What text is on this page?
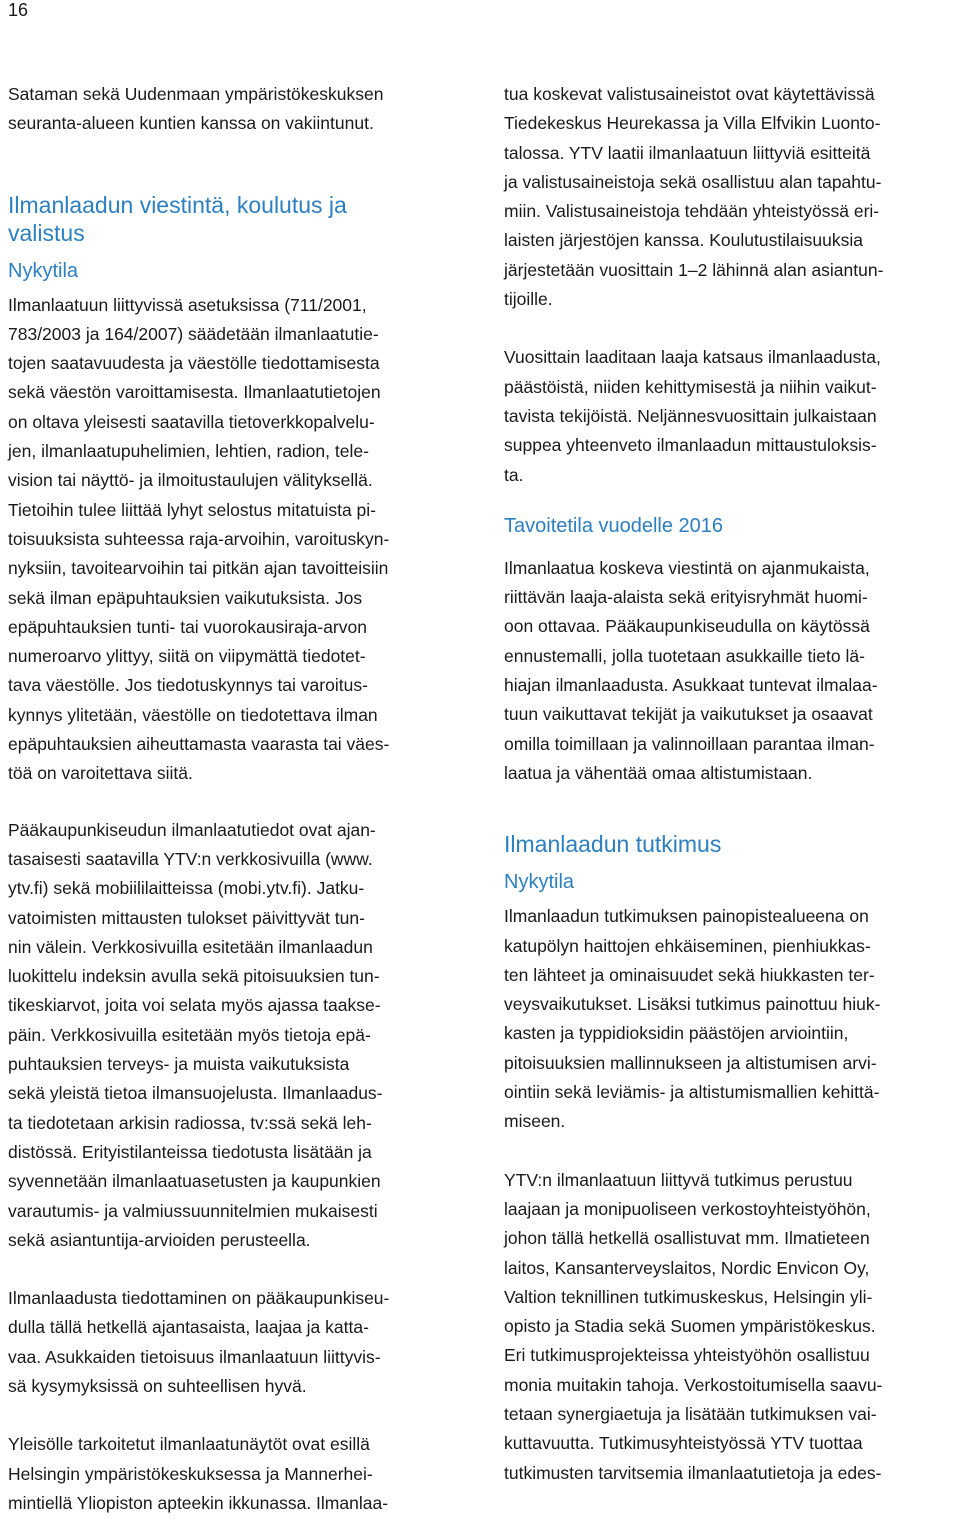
16

Sataman sekä Uudenmaan ympäristökeskuksen

seuranta-alueen kuntien kanssa on vakiintunut.

Ilmanlaadun viestintä, koulutus ja

valistus

Nykytila

Ilmanlaatuun liittyvissä asetuksissa (711/2001,

783/2003 ja 164/2007) säädetään ilmanlaatutie-

tojen saatavuudesta ja väestölle tiedottamisesta

sekä väestön varoittamisesta. Ilmanlaatutietojen

on oltava yleisesti saatavilla tietoverkkopalvelu-

jen, ilmanlaatupuhelimien, lehtien, radion, tele-

vision tai näyttö- ja ilmoitustaulujen välityksellä.

Tietoihin tulee liittää lyhyt selostus mitatuista pi-

toisuuksista suhteessa raja-arvoihin, varoituskyn-

nyksiin, tavoitearvoihin tai pitkän ajan tavoitteisiin

sekä ilman epäpuhtauksien vaikutuksista. Jos

epäpuhtauksien tunti- tai vuorokausiraja-arvon

numeroarvo ylittyy, siitä on viipymättä tiedotet-

tava väestölle. Jos tiedotuskynnys tai varoitus-

kynnys ylitetään, väestölle on tiedotettava ilman

epäpuhtauksien aiheuttamasta vaarasta tai väes-

töä on varoitettava siitä.

Pääkaupunkiseudun ilmanlaatutiedot ovat ajan-

tasaisesti saatavilla YTV:n verkkosivuilla (www.

ytv.fi) sekä mobiililaitteissa (mobi.ytv.fi). Jatku-

vatoimisten mittausten tulokset päivittyvät tun-

nin välein. Verkkosivuilla esitetään ilmanlaadun

luokittelu indeksin avulla sekä pitoisuuksien tun-

tikeskiarvot, joita voi selata myös ajassa taakse-

päin. Verkkosivuilla esitetään myös tietoja epä-

puhtauksien terveys- ja muista vaikutuksista

sekä yleistä tietoa ilmansuojelusta. Ilmanlaadus-

ta tiedotetaan arkisin radiossa, tv:ssä sekä leh-

distössä. Erityistilanteissa tiedotusta lisätään ja

syvennetään ilmanlaatuasetusten ja kaupunkien

varautumis- ja valmiussuunnitelmien mukaisesti

sekä asiantuntija-arvioiden perusteella.

Ilmanlaadusta tiedottaminen on pääkaupunkiseu-

dulla tällä hetkellä ajantasaista, laajaa ja katta-

vaa. Asukkaiden tietoisuus ilmanlaatuun liittyvis-

sä kysymyksissä on suhteellisen hyvä.

Yleisölle tarkoitetut ilmanlaatunäytöt ovat esillä

Helsingin ympäristökeskuksessa ja Mannerhei-

mintiellä Yliopiston apteekin ikkunassa. Ilmanlaa-

tua koskevat valistusaineistot ovat käytettävissä

Tiedekeskus Heurekassa ja Villa Elfvikin Luonto-

talossa. YTV laatii ilmanlaatuun liittyviä esitteitä

ja valistusaineistoja sekä osallistuu alan tapahtu-

miin. Valistusaineistoja tehdään yhteistyössä eri-

laisten järjestöjen kanssa. Koulutustilaisuuksia

järjestetään vuosittain 1–2 lähinnä alan asiantun-

tijoille.

Vuosittain laaditaan laaja katsaus ilmanlaadusta,

päästöistä, niiden kehittymisestä ja niihin vaikut-

tavista tekijöistä. Neljännesvuosittain julkaistaan

suppea yhteenveto ilmanlaadun mittaustuloksis-

ta.

Tavoitetila vuodelle 2016

Ilmanlaatua koskeva viestintä on ajanmukaista,

riittävän laaja-alaista sekä erityisryhmät huomi-

oon ottavaa. Pääkaupunkiseudulla on käytössä

ennustemalli, jolla tuotetaan asukkaille tieto lä-

hiajan ilmanlaadusta. Asukkaat tuntevat ilmalaa-

tuun vaikuttavat tekijät ja vaikutukset ja osaavat

omilla toimillaan ja valinnoillaan parantaa ilman-

laatua ja vähentää omaa altistumistaan.

Ilmanlaadun tutkimus

Nykytila

Ilmanlaadun tutkimuksen painopistealueena on

katupölyn haittojen ehkäiseminen, pienhiukkas-

ten lähteet ja ominaisuudet sekä hiukkasten ter-

veysvaikutukset. Lisäksi tutkimus painottuu hiuk-

kasten ja typpidioksidin päästöjen arviointiin,

pitoisuuksien mallinnukseen ja altistumisen arvi-

ointiin sekä leviämis- ja altistumismallien kehittä-

miseen.

YTV:n ilmanlaatuun liittyvä tutkimus perustuu

laajaan ja monipuoliseen verkostoyhteistyöhön,

johon tällä hetkellä osallistuvat mm. Ilmatieteen

laitos, Kansanterveyslaitos, Nordic Envicon Oy,

Valtion teknillinen tutkimuskeskus, Helsingin yli-

opisto ja Stadia sekä Suomen ympäristökeskus.

Eri tutkimusprojekteissa yhteistyöhön osallistuu

monia muitakin tahoja. Verkostoitumisella saavu-

tetaan synergiaetuja ja lisätään tutkimuksen vai-

kuttavuutta. Tutkimusyhteistyössä YTV tuottaa

tutkimusten tarvitsemia ilmanlaatutietoja ja edes-
